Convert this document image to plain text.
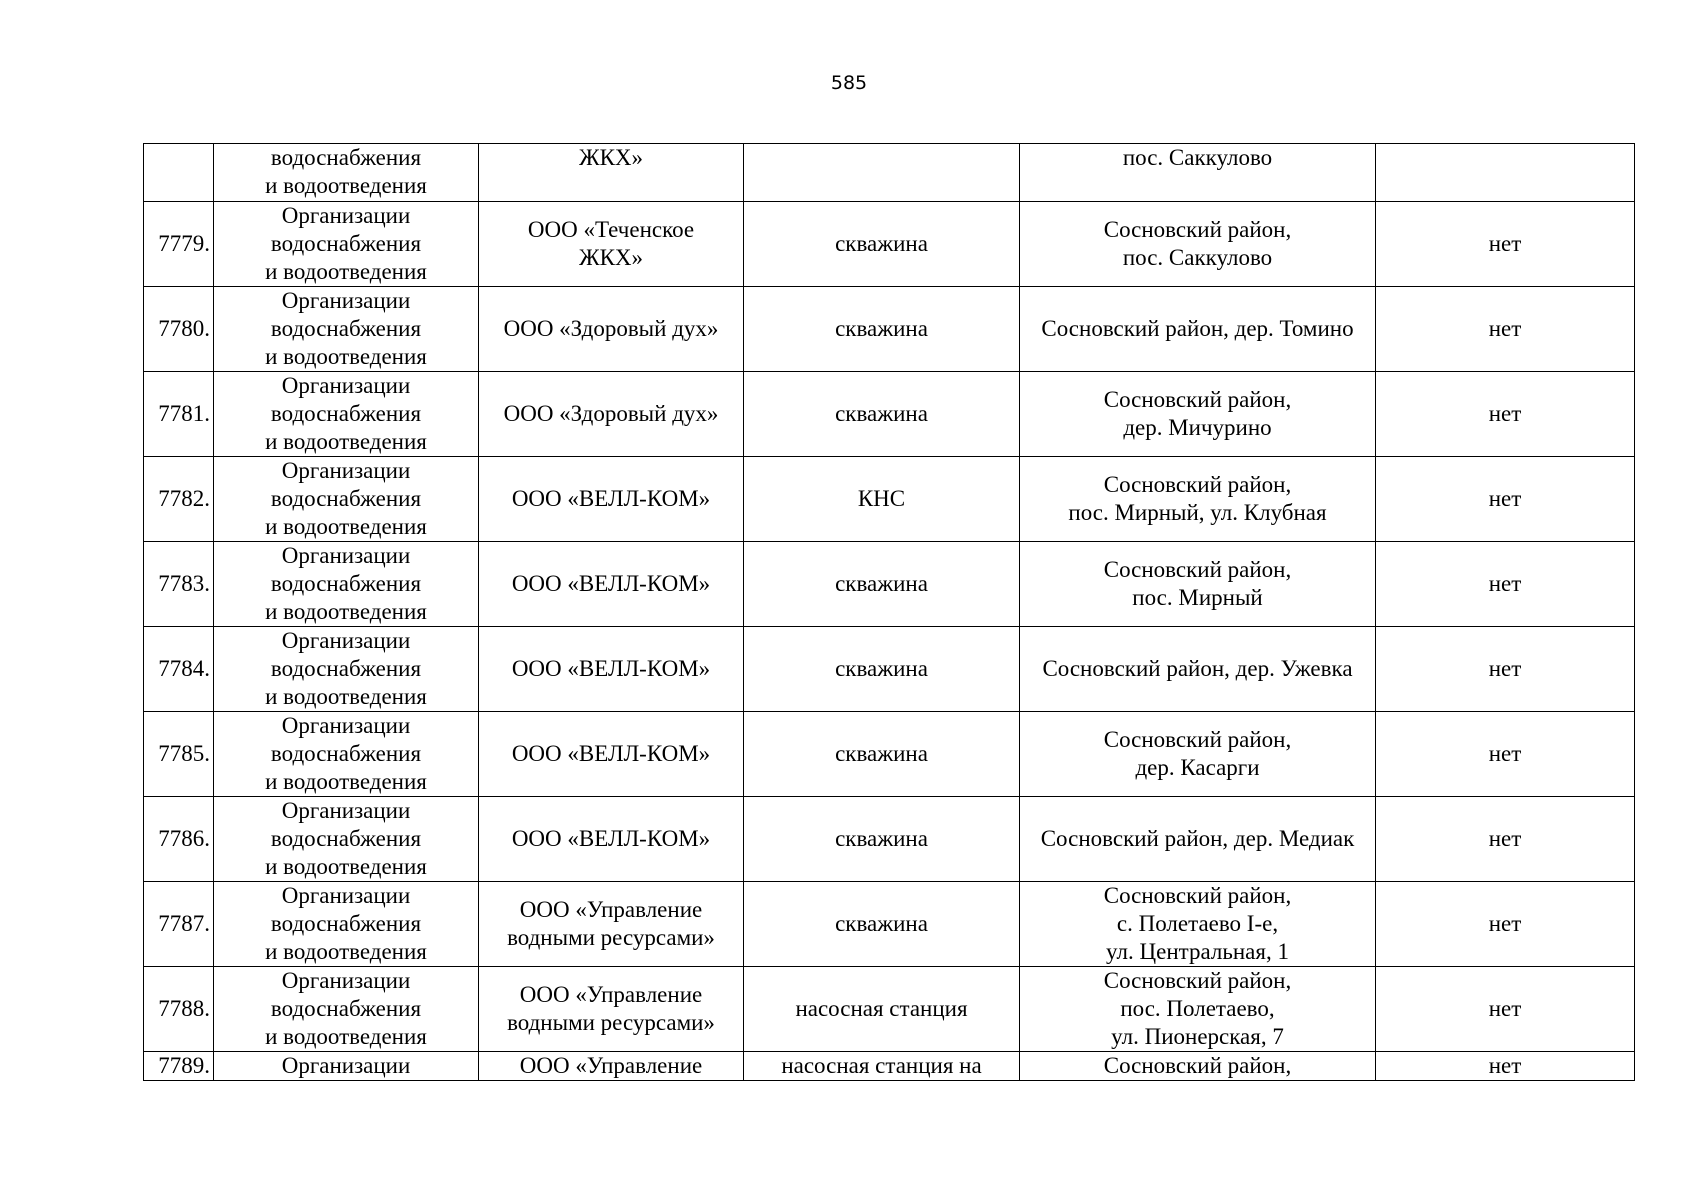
585
	водоснабжения
и водоотведения	ЖКХ»		пос. Саккулово	
7779.	Организации
водоснабжения
и водоотведения	ООО «Теченское
ЖКХ»	скважина	Сосновский район,
пос. Саккулово	нет
7780.	Организации
водоснабжения
и водоотведения	ООО «Здоровый дух»	скважина	Сосновский район, дер. Томино	нет
7781.	Организации
водоснабжения
и водоотведения	ООО «Здоровый дух»	скважина	Сосновский район,
дер. Мичурино	нет
7782.	Организации
водоснабжения
и водоотведения	ООО «ВЕЛЛ-КОМ»	КНС	Сосновский район,
пос. Мирный, ул. Клубная	нет
7783.	Организации
водоснабжения
и водоотведения	ООО «ВЕЛЛ-КОМ»	скважина	Сосновский район,
пос. Мирный	нет
7784.	Организации
водоснабжения
и водоотведения	ООО «ВЕЛЛ-КОМ»	скважина	Сосновский район, дер. Ужевка	нет
7785.	Организации
водоснабжения
и водоотведения	ООО «ВЕЛЛ-КОМ»	скважина	Сосновский район,
дер. Касарги	нет
7786.	Организации
водоснабжения
и водоотведения	ООО «ВЕЛЛ-КОМ»	скважина	Сосновский район, дер. Медиак	нет
7787.	Организации
водоснабжения
и водоотведения	ООО «Управление
водными ресурсами»	скважина	Сосновский район,
с. Полетаево I-е,
ул. Центральная, 1	нет
7788.	Организации
водоснабжения
и водоотведения	ООО «Управление
водными ресурсами»	насосная станция	Сосновский район,
пос. Полетаево,
ул. Пионерская, 7	нет
7789.	Организации	ООО «Управление	насосная станция на	Сосновский район,	нет
